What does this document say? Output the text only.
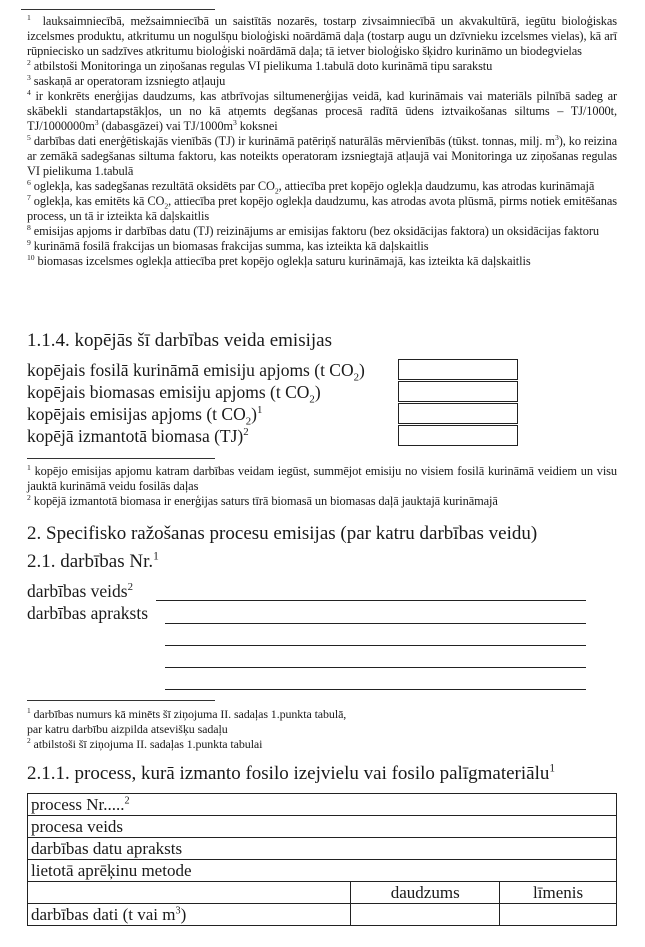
$^1$ lauksaimniecībā, mežsaimniecībā un saistītās nozarēs, tostarp zivsaimniecībā un akvakultūrā, iegūtu bioloģiskas izcelsmes produktu, atkritumu un nogulšņu bioloģiski noārdāmā daļa (tostarp augu un dzīvnieku izcelsmes vielas), kā arī rūpniecisko un sadzīves atkritumu bioloģiski noārdāmā daļa; tā ietver bioloģisko šķidro kurināmo un biodegvielas

$^2$ atbilstoši Monitoringa un ziņošanas regulas VI pielikuma 1.tabulā doto kurināmā tipu sarakstu

$^3$ saskaņā ar operatoram izsniegto atļauju

$^4$ ir konkrēts enerģijas daudzums, kas atbrīvojas siltumenerģijas veidā, kad kurināmais vai materiāls pilnībā sadeg ar skābekli standartapstākļos, un no kā atņemts degšanas procesā radītā ūdens iztvaikošanas siltums – TJ/1000t, $TJ/1000000m^3$ (dabasgāzei) vai $TJ/1000m^3$ koksnei

$^5$ darbības dati enerģētiskajās vienībās (TJ) ir kurināmā patēriņš naturālās mērvienībās (tūkst. tonnas, milj. $m^3$), ko reizina ar zemākā sadegšanas siltuma faktoru, kas noteikts operatoram izsniegtajā atļaujā vai Monitoringa uz ziņošanas regulas VI pielikuma 1.tabulā

$^6$ oglekļa, kas sadegšanas rezultātā oksidēts par $CO_2$, attiecība pret kopējo oglekļa daudzumu, kas atrodas kurināmajā

$^7$ oglekļa, kas emitēts kā $CO_2$, attiecība pret kopējo oglekļa daudzumu, kas atrodas avota plūsmā, pirms notiek emitēšanas process, un tā ir izteikta kā daļskaitlis

$^8$ emisijas apjoms ir darbības datu (TJ) reizinājums ar emisijas faktoru (bez oksidācijas faktora) un oksidācijas faktoru

$^9$ kurināmā fosilā frakcijas un biomasas frakcijas summa, kas izteikta kā daļskaitlis

$^{10}$ biomasas izcelsmes oglekļa attiecība pret kopējo oglekļa saturu kurināmajā, kas izteikta kā daļskaitlis

1.1.4. kopējās šī darbības veida emisijas
kopējais fosilā kurināmā emisiju apjoms (t $CO_2$)
kopējais biomasas emisiju apjoms (t $CO_2$)
kopējais emisijas apjoms (t $CO_2)^1$
kopējā izmantotā biomasa (TJ)$^2$

$^1$ kopējo emisijas apjomu katram darbības veidam iegūst, summējot emisiju no visiem fosilā kurināmā veidiem un visu jauktā kurināmā veidu fosilās daļas

$^2$ kopējā izmantotā biomasa ir enerģijas saturs tīrā biomasā un biomasas daļā jauktajā kurināmajā

2. Specifisko ražošanas procesu emisijas (par katru darbības veidu)
2.1. darbības Nr.$^1$
darbības veids$^2$
darbības apraksts

$^1$ darbības numurs kā minēts šī ziņojuma II. sadaļas 1.punkta tabulā,
par katru darbību aizpilda atsevišķu sadaļu

$^2$ atbilstoši šī ziņojuma II. sadaļas 1.punkta tabulai

2.1.1. process, kurā izmanto fosilo izejvielu vai fosilo palīgmateriālu$^1$
process Nr.....$^2$
procesa veids		
darbības datu apraksts		
lietotā aprēķinu metode		
	daudzums	līmenis
darbības dati (t vai $m^3$)		
